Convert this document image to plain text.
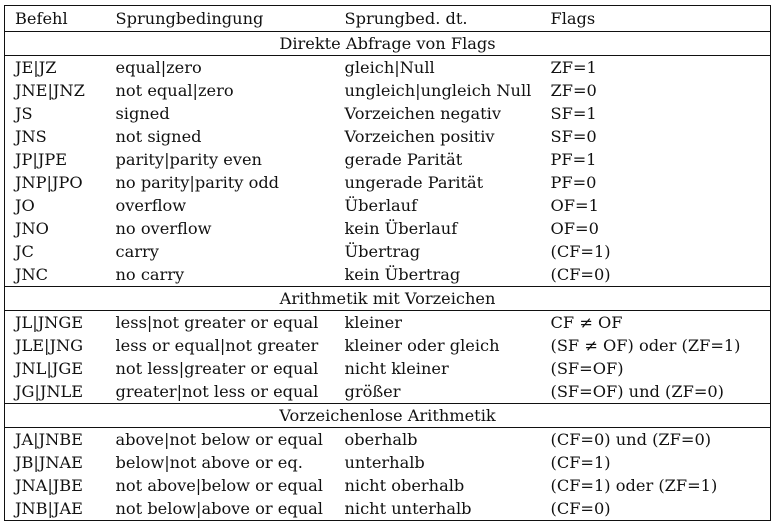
Befehl	Sprungbedingung	Sprungbed. dt.	Flags
Direkte Abfrage von Flags			
JE|JZ	equal|zero	gleich|Null	ZF=1
JNE|JNZ	not equal|zero	ungleich|ungleich Null	ZF=0
JS	signed	Vorzeichen negativ	SF=1
JNS	not signed	Vorzeichen positiv	SF=0
JP|JPE	parity|parity even	gerade Parität	PF=1
JNP|JPO	no parity|parity odd	ungerade Parität	PF=0
JO	overflow	Überlauf	OF=1
JNO	no overflow	kein Überlauf	OF=0
JC	carry	Übertrag	(CF=1)
JNC	no carry	kein Übertrag	(CF=0)
Arithmetik mit Vorzeichen			
JL|JNGE	less|not greater or equal	kleiner	CF ≠ OF
JLE|JNG	less or equal|not greater	kleiner oder gleich	(SF ≠ OF) oder (ZF=1)
JNL|JGE	not less|greater or equal	nicht kleiner	(SF=OF)
JG|JNLE	greater|not less or equal	größer	(SF=OF) und (ZF=0)
Vorzeichenlose Arithmetik			
JA|JNBE	above|not below or equal	oberhalb	(CF=0) und (ZF=0)
JB|JNAE	below|not above or eq.	unterhalb	(CF=1)
JNA|JBE	not above|below or equal	nicht oberhalb	(CF=1) oder (ZF=1)
JNB|JAE	not below|above or equal	nicht unterhalb	(CF=0)
